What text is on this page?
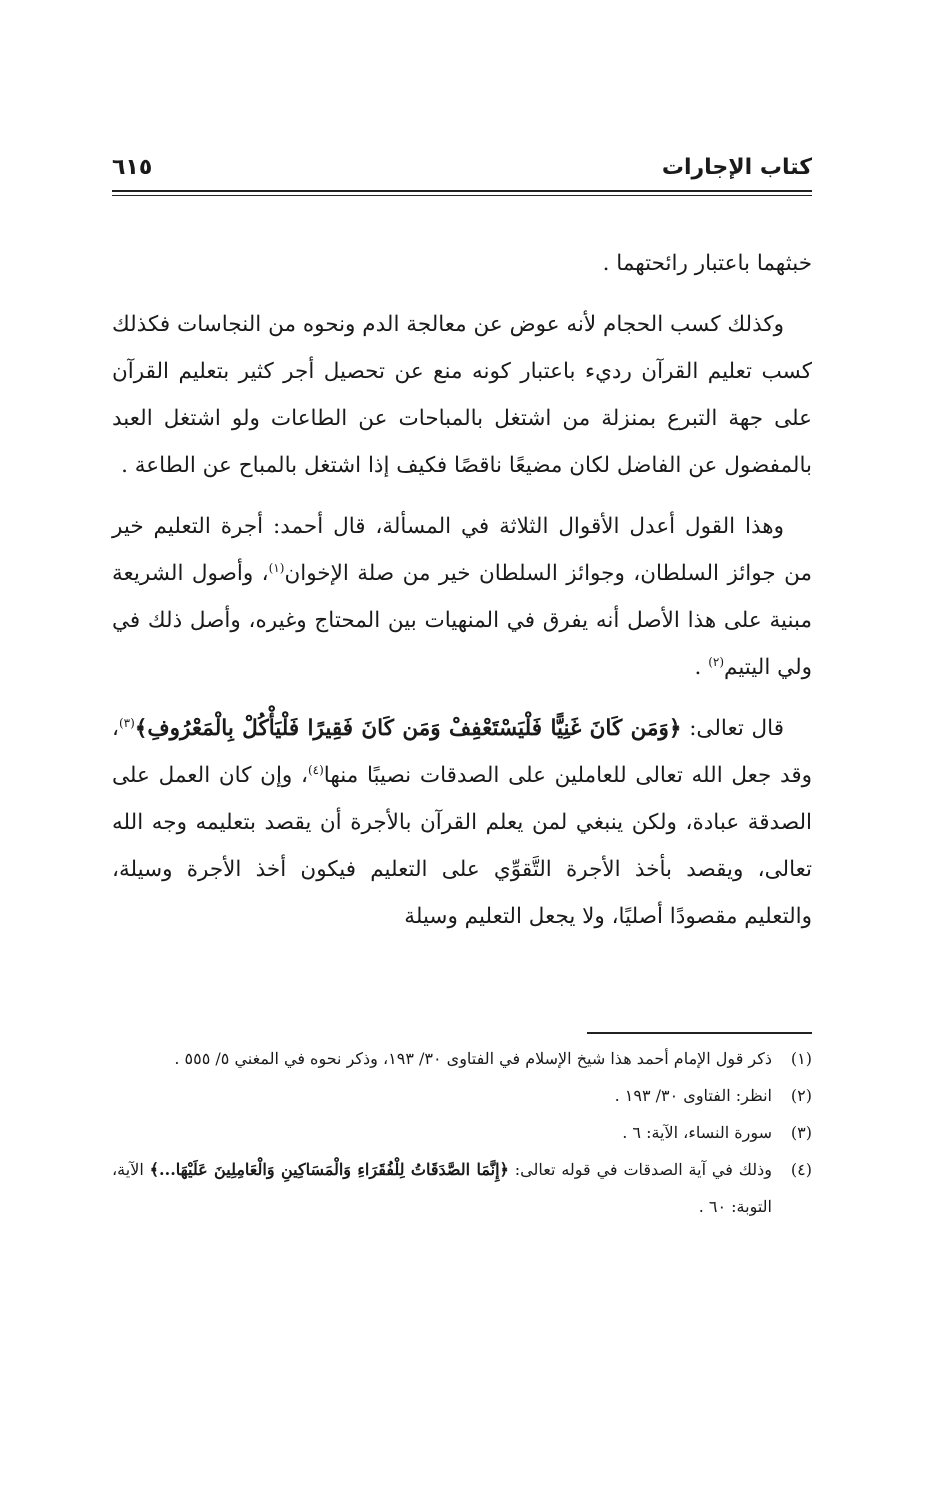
كتاب الإجارات
٦١٥

خبثهما باعتبار رائحتهما .

وكذلك كسب الحجام لأنه عوض عن معالجة الدم ونحوه من النجاسات فكذلك كسب تعليم القرآن رديء باعتبار كونه منع عن تحصيل أجر كثير بتعليم القرآن على جهة التبرع بمنزلة من اشتغل بالمباحات عن الطاعات ولو اشتغل العبد بالمفضول عن الفاضل لكان مضيعًا ناقصًا فكيف إذا اشتغل بالمباح عن الطاعة .

وهذا القول أعدل الأقوال الثلاثة في المسألة، قال أحمد: أجرة التعليم خير من جوائز السلطان، وجوائز السلطان خير من صلة الإخوان$^{(١)}$، وأصول الشريعة مبنية على هذا الأصل أنه يفرق في المنهيات بين المحتاج وغيره، وأصل ذلك في ولي اليتيم$^{(٢)}$ .

قال تعالى: ﴿وَمَن كَانَ غَنِيًّا فَلْيَسْتَعْفِفْ وَمَن كَانَ فَقِيرًا فَلْيَأْكُلْ بِالْمَعْرُوفِ﴾$^{(٣)}$، وقد جعل الله تعالى للعاملين على الصدقات نصيبًا منها$^{(٤)}$، وإن كان العمل على الصدقة عبادة، ولكن ينبغي لمن يعلم القرآن بالأجرة أن يقصد بتعليمه وجه الله تعالى، ويقصد بأخذ الأجرة التَّقوِّي على التعليم فيكون أخذ الأجرة وسيلة، والتعليم مقصودًا أصليًا، ولا يجعل التعليم وسيلة

(١)
ذكر قول الإمام أحمد هذا شيخ الإسلام في الفتاوى ٣٠/ ١٩٣، وذكر نحوه في المغني ٥/ ٥٥٥ .
(٢)
انظر: الفتاوى ٣٠/ ١٩٣ .
(٣)
سورة النساء، الآية: ٦ .
(٤)
وذلك في آية الصدقات في قوله تعالى: ﴿إِنَّمَا الصَّدَقَاتُ لِلْفُقَرَاءِ وَالْمَسَاكِينِ وَالْعَامِلِينَ عَلَيْهَا...﴾ الآية، التوبة: ٦٠ .
